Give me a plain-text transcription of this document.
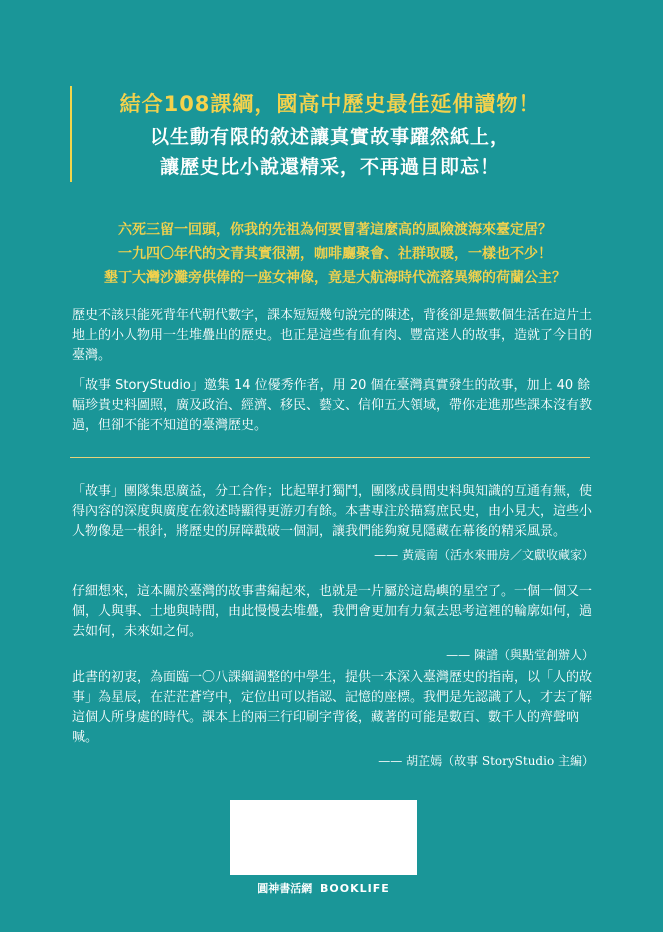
結合108課綱，國高中歷史最佳延伸讀物！
以生動有限的敘述讓真實故事躍然紙上，
讓歷史比小說還精采，不再過目即忘！
六死三留一回頭，你我的先祖為何要冒著這麼高的風險渡海來臺定居？
一九四〇年代的文青其實很潮，咖啡廳聚會、社群取暖，一樣也不少！
墾丁大灣沙灘旁供俸的一座女神像，竟是大航海時代流落異鄉的荷蘭公主？
歷史不該只能死背年代朝代數字，課本短短幾句說完的陳述，背後卻是無數個生活在這片土地上的小人物用一生堆疊出的歷史。也正是這些有血有肉、豐富迷人的故事，造就了今日的臺灣。
「故事 StoryStudio」邀集 14 位優秀作者，用 20 個在臺灣真實發生的故事，加上 40 餘幅珍貴史料圖照，廣及政治、經濟、移民、藝文、信仰五大領域，帶你走進那些課本沒有教過，但卻不能不知道的臺灣歷史。
「故事」團隊集思廣益，分工合作；比起單打獨鬥，團隊成員間史料與知識的互通有無，使得內容的深度與廣度在敘述時顯得更游刃有餘。本書專注於描寫庶民史，由小見大，這些小人物像是一根針，將歷史的屏障戳破一個洞，讓我們能夠窺見隱藏在幕後的精采風景。
—— 黃震南（活水來冊房／文獻收藏家）
仔細想來，這本關於臺灣的故事書編起來，也就是一片屬於這島嶼的星空了。一個一個又一個，人與事、土地與時間，由此慢慢去堆疊，我們會更加有力氣去思考這裡的輪廓如何，過去如何，未來如之何。
—— 陳譜（與點堂創辦人）
此書的初衷，為面臨一〇八課綱調整的中學生，提供一本深入臺灣歷史的指南，以「人的故事」為星辰，在茫茫蒼穹中，定位出可以指認、記憶的座標。我們是先認識了人，才去了解這個人所身處的時代。課本上的兩三行印刷字背後，藏著的可能是數百、數千人的齊聲吶喊。
—— 胡芷嫣（故事 StoryStudio 主編）
圓神書活網 BOOKLIFE
